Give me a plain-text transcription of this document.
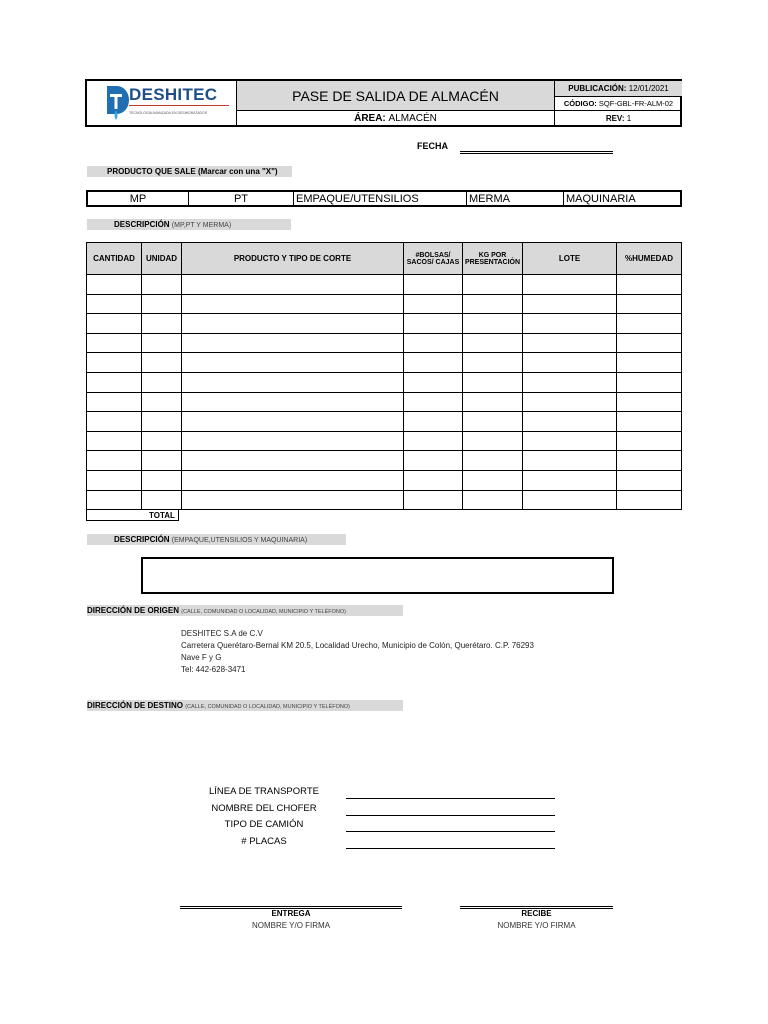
DESHITEC
TECNOLOGÍA AVANZADA EN DESHIDRATADOS
PASE DE SALIDA DE ALMACÉN
ÁREA:
ALMACÉN
PUBLICACIÓN:
12/01/2021
CÓDIGO:
SQF-GBL-FR-ALM-02
REV:
1
FECHA
PRODUCTO QUE SALE (Marcar con una "X")
MP	PT	EMPAQUE/UTENSILIOS	MERMA	MAQUINARIA
DESCRIPCIÓN (MP,PT Y MERMA)
CANTIDAD	UNIDAD	PRODUCTO Y TIPO DE CORTE	#BOLSAS/ SACOS/ CAJAS	KG POR PRESENTACIÓN	LOTE	%HUMEDAD

TOTAL
DESCRIPCIÓN (EMPAQUE,UTENSILIOS Y MAQUINARIA)
DIRECCIÓN DE ORIGEN (CALLE, COMUNIDAD O LOCALIDAD, MUNICIPIO Y TELÉFONO)
DESHITEC S.A de C.V
Carretera Querétaro-Bernal KM 20.5, Localidad Urecho, Municipio de Colón, Querétaro. C.P. 76293
Nave F y G
Tel: 442-628-3471
DIRECCIÓN DE DESTINO (CALLE, COMUNIDAD O LOCALIDAD, MUNICIPIO Y TELÉFONO)
LÍNEA DE TRANSPORTE
NOMBRE DEL CHOFER
TIPO DE CAMIÓN
# PLACAS
ENTREGA
NOMBRE Y/O FIRMA
RECIBE
NOMBRE Y/O FIRMA
